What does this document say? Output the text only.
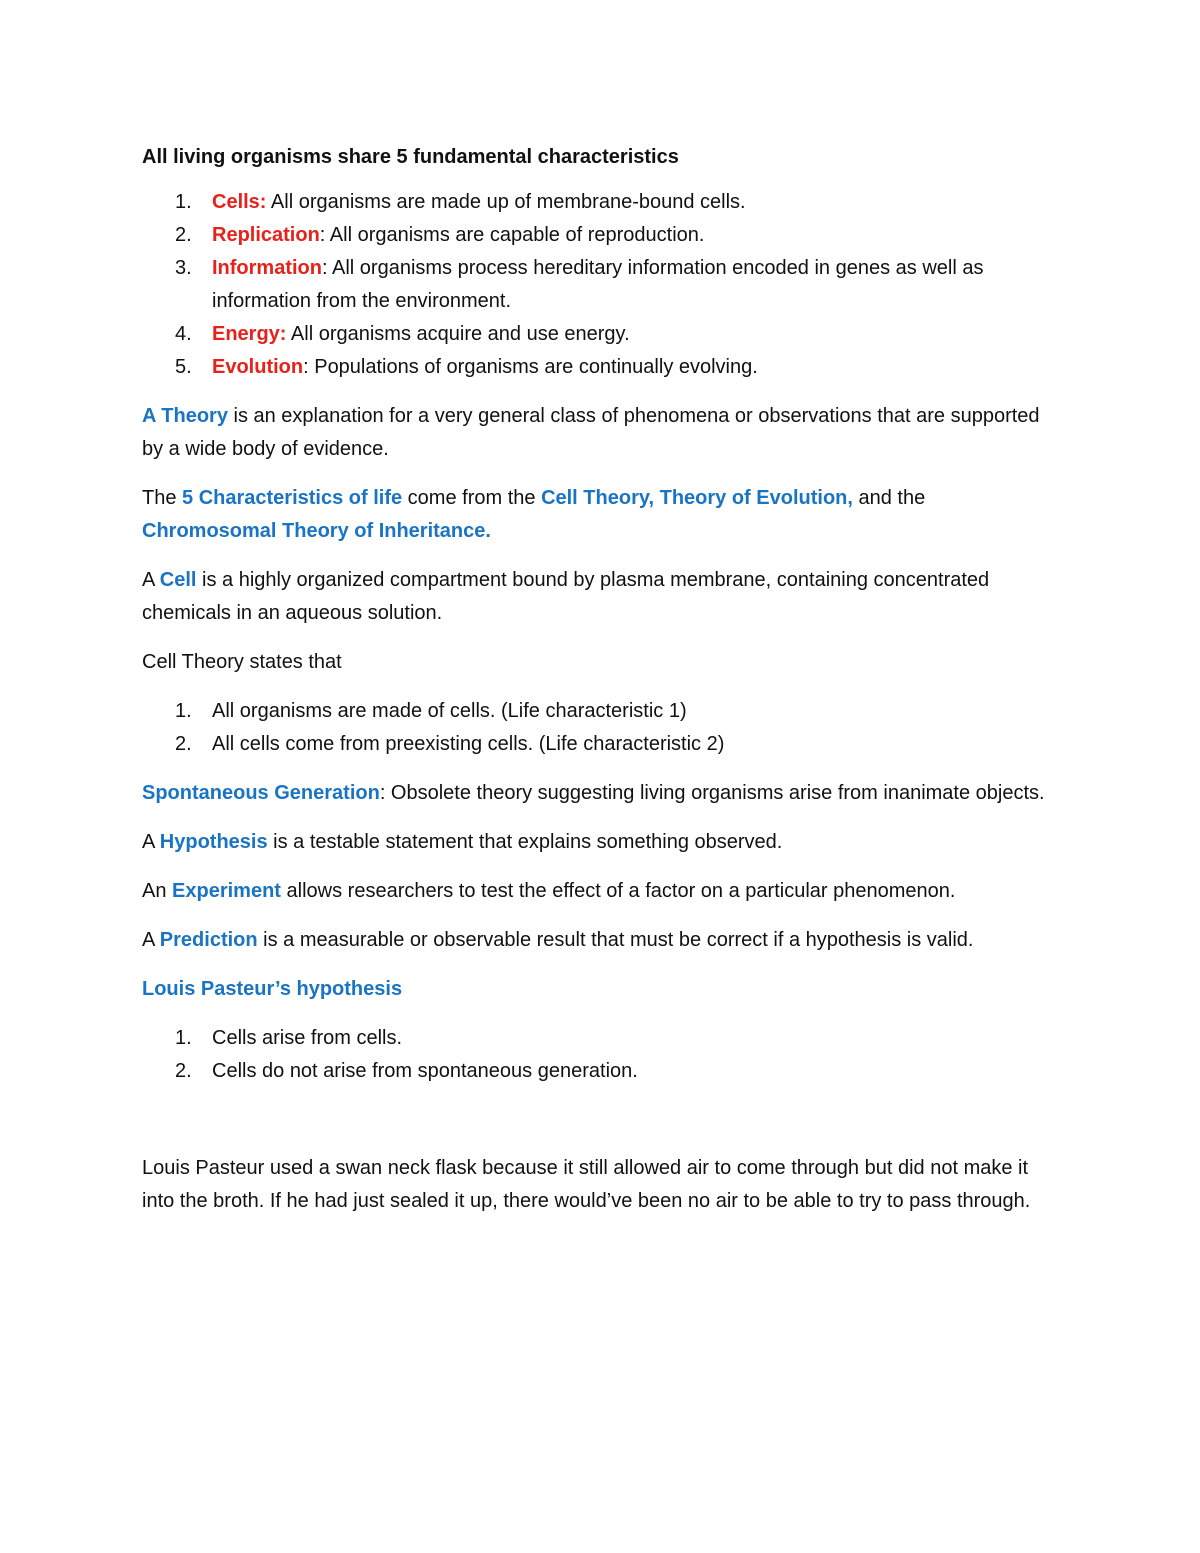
All living organisms share 5 fundamental characteristics

1. Cells: All organisms are made up of membrane-bound cells.
2. Replication: All organisms are capable of reproduction.
3. Information: All organisms process hereditary information encoded in genes as well as information from the environment.
4. Energy: All organisms acquire and use energy.
5. Evolution: Populations of organisms are continually evolving.

A Theory is an explanation for a very general class of phenomena or observations that are supported by a wide body of evidence.

The 5 Characteristics of life come from the Cell Theory, Theory of Evolution, and the Chromosomal Theory of Inheritance.

A Cell is a highly organized compartment bound by plasma membrane, containing concentrated chemicals in an aqueous solution.

Cell Theory states that

1. All organisms are made of cells. (Life characteristic 1)
2. All cells come from preexisting cells. (Life characteristic 2)

Spontaneous Generation: Obsolete theory suggesting living organisms arise from inanimate objects.

A Hypothesis is a testable statement that explains something observed.

An Experiment allows researchers to test the effect of a factor on a particular phenomenon.

A Prediction is a measurable or observable result that must be correct if a hypothesis is valid.

Louis Pasteur’s hypothesis

1. Cells arise from cells.
2. Cells do not arise from spontaneous generation.

Louis Pasteur used a swan neck flask because it still allowed air to come through but did not make it into the broth. If he had just sealed it up, there would’ve been no air to be able to try to pass through.
